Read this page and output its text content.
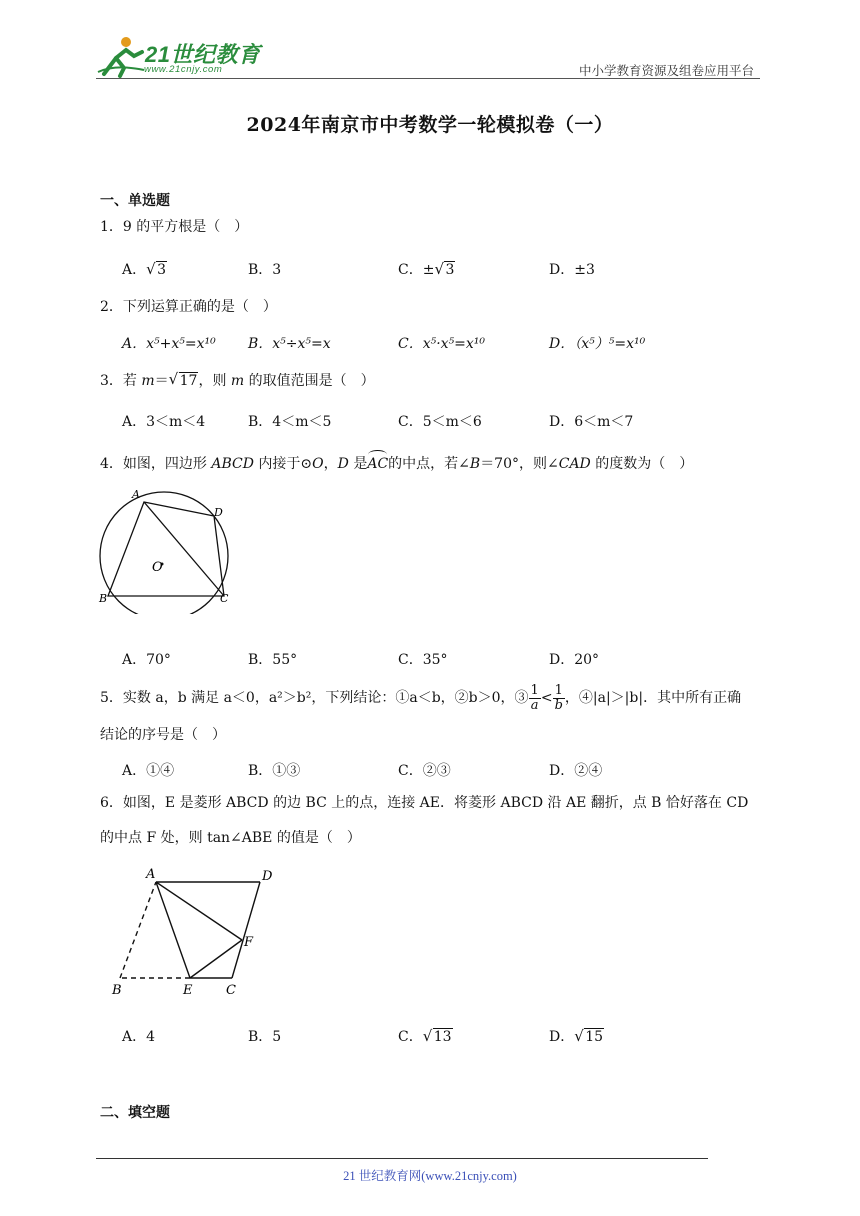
21世纪教育
www.21cnjy.com	中小学教育资源及组卷应用平台
2024年南京市中考数学一轮模拟卷（一）
一、单选题
1．9 的平方根是（　）
A． √ 3	B．3	C．± √ 3	D．±3
2．下列运算正确的是（　）
A．x⁵+x⁵=x¹⁰ B．x⁵÷x⁵=x	C．x⁵·x⁵=x¹⁰	D．（x⁵）⁵=x¹⁰
3．若 m＝ √ 17，则 m 的取值范围是（　）
A．3＜m＜4	B．4＜m＜5	C．5＜m＜6	D．6＜m＜7
4．如图，四边形 ABCD 内接于⊙O，D 是AC的中点，若∠B＝70°，则∠CAD 的度数为（　）
A
D
B	C
O
A．70°	B．55°	C．35°	D．20°
5．实数 a，b 满足 a＜0，a²＞b²，下列结论：①a＜b，②b＞0，③ $\frac{1}{a} < \frac{1}{b}$ ，④|a|＞|b|．其中所有正确
结论的序号是（　）
A．①④	B．①③	C．②③	D．②④
6．如图，E 是菱形 ABCD 的边 BC 上的点，连接 AE．将菱形 ABCD 沿 AE 翻折，点 B 恰好落在 CD
的中点 F 处，则 tan∠ABE 的值是（　）
A	D
F
B	E	C
A．4	B．5	C． √ 13	D． √ 15
二、填空题
21 世纪教育网(www.21cnjy.com)
